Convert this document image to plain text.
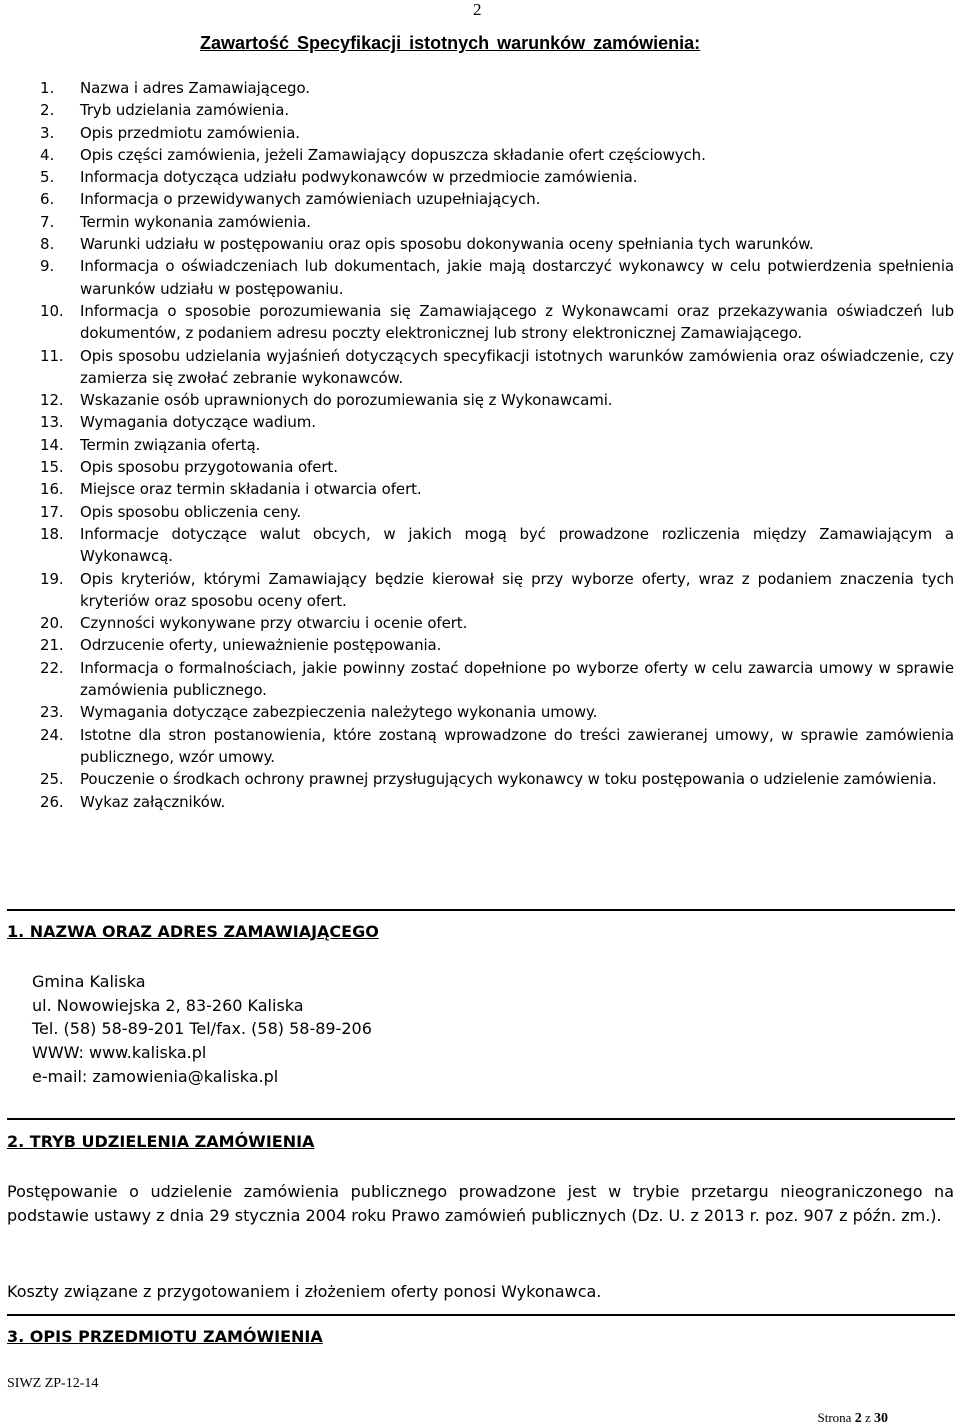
2
Zawartość Specyfikacji istotnych warunków zamówienia:
1.	Nazwa i adres Zamawiającego.
2.	Tryb udzielania zamówienia.
3.	Opis przedmiotu zamówienia.
4.	Opis części zamówienia, jeżeli Zamawiający dopuszcza składanie ofert częściowych.
5.	Informacja dotycząca udziału podwykonawców w przedmiocie zamówienia.
6.	Informacja o przewidywanych zamówieniach uzupełniających.
7.	Termin wykonania zamówienia.
8.	Warunki udziału w postępowaniu oraz opis sposobu dokonywania oceny spełniania tych warunków.
9.	Informacja o oświadczeniach lub dokumentach, jakie mają dostarczyć wykonawcy w celu potwierdzenia spełnienia warunków udziału w postępowaniu.
10.	Informacja o sposobie porozumiewania się Zamawiającego z Wykonawcami oraz przekazywania oświadczeń lub dokumentów, z podaniem adresu poczty elektronicznej lub strony elektronicznej Zamawiającego.
11.	Opis sposobu udzielania wyjaśnień dotyczących specyfikacji istotnych warunków zamówienia oraz oświadczenie, czy zamierza się zwołać zebranie wykonawców.
12.	Wskazanie osób uprawnionych do porozumiewania się z Wykonawcami.
13.	Wymagania dotyczące wadium.
14.	Termin związania ofertą.
15.	Opis sposobu przygotowania ofert.
16.	Miejsce oraz termin składania i otwarcia ofert.
17.	Opis sposobu obliczenia ceny.
18.	Informacje dotyczące walut obcych, w jakich mogą być prowadzone rozliczenia między Zamawiającym a Wykonawcą.
19.	Opis kryteriów, którymi Zamawiający będzie kierował się przy wyborze oferty, wraz z podaniem znaczenia tych kryteriów oraz sposobu oceny ofert.
20.	Czynności wykonywane przy otwarciu i ocenie ofert.
21.	Odrzucenie oferty, unieważnienie postępowania.
22.	Informacja o formalnościach, jakie powinny zostać dopełnione po wyborze oferty w celu zawarcia umowy w sprawie zamówienia publicznego.
23.	Wymagania dotyczące zabezpieczenia należytego wykonania umowy.
24.	Istotne dla stron postanowienia, które zostaną wprowadzone do treści zawieranej umowy, w sprawie zamówienia publicznego, wzór umowy.
25.	Pouczenie o środkach ochrony prawnej przysługujących wykonawcy w toku postępowania o udzielenie zamówienia.
26.	Wykaz załączników.
1. NAZWA ORAZ ADRES ZAMAWIAJĄCEGO
Gmina Kaliska
ul. Nowowiejska 2, 83-260 Kaliska
Tel. (58) 58-89-201 Tel/fax. (58) 58-89-206
WWW: www.kaliska.pl
e-mail: zamowienia@kaliska.pl
2. TRYB UDZIELENIA ZAMÓWIENIA
Postępowanie o udzielenie zamówienia publicznego prowadzone jest w trybie przetargu nieograniczonego na podstawie ustawy z dnia 29 stycznia 2004 roku Prawo zamówień publicznych (Dz. U. z 2013 r. poz. 907 z późn. zm.).
Koszty związane z przygotowaniem i złożeniem oferty ponosi Wykonawca.
3. OPIS PRZEDMIOTU ZAMÓWIENIA
SIWZ ZP-12-14
Strona 2 z 30
